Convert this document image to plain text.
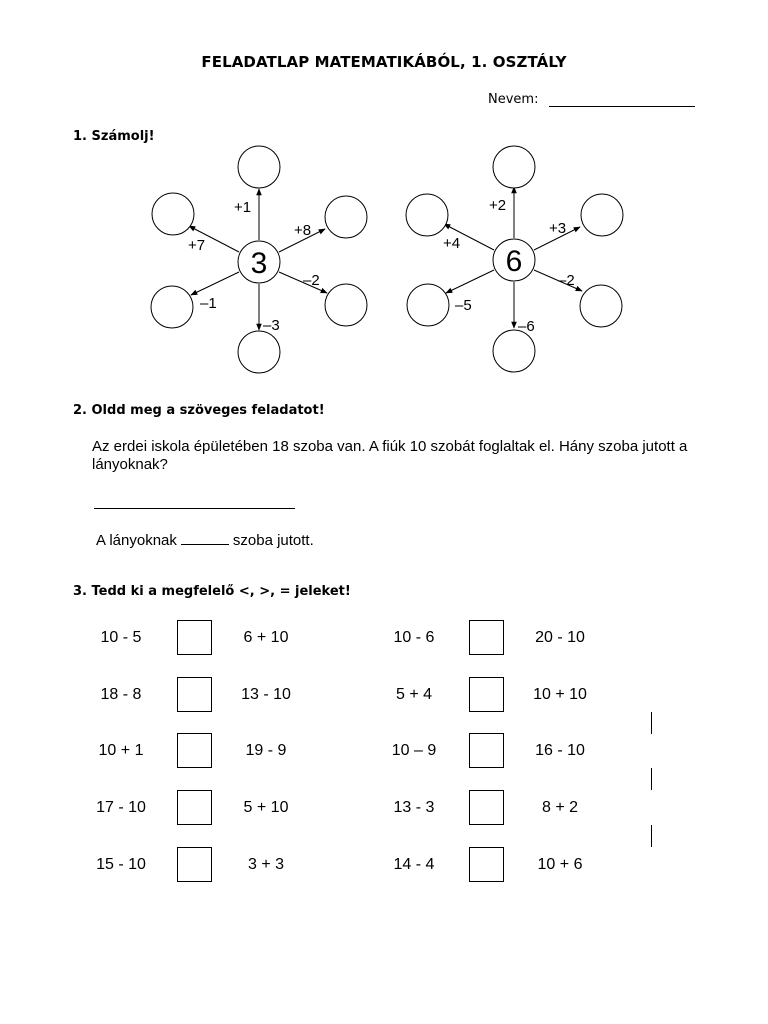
FELADATLAP MATEMATIKÁBÓL, 1. OSZTÁLY
Nevem:
1. Számolj!
3
+1
+8
–2
–3
–1
+7	6
+2
+3
–2
–6
–5
+4
2. Oldd meg a szöveges feladatot!
Az erdei iskola épületében 18 szoba van. A fiúk 10 szobát foglaltak el. Hány szoba jutott a lányoknak?
A lányoknak	szoba jutott.
3. Tedd ki a megfelelő <, >, = jeleket!
10 - 5	6 + 10	10 - 6	20 - 10
18 - 8	13 - 10	5 + 4	10 + 10
10 + 1	19 - 9	10 – 9	16 - 10
17 - 10	5 + 10	13 - 3	8 + 2
15 - 10	3 + 3	14 - 4	10 + 6
